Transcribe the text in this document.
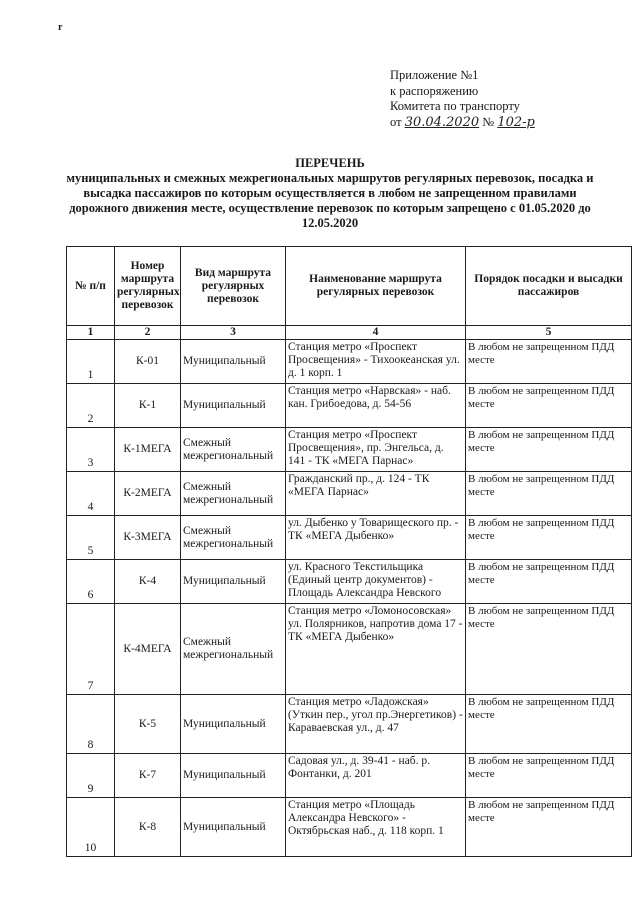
r
Приложение №1
к распоряжению
Комитета по транспорту
от 30.04.2020 № 102-р
ПЕРЕЧЕНЬ
муниципальных и смежных межрегиональных маршрутов регулярных перевозок, посадка и высадка пассажиров по которым осуществляется в любом не запрещенном правилами дорожного движения месте, осуществление перевозок по которым запрещено с 01.05.2020 до 12.05.2020
№ п/п	Номер маршрута регулярных перевозок	Вид маршрута регулярных перевозок	Наименование маршрута регулярных перевозок	Порядок посадки и высадки пассажиров
1	2	3	4	5
1	К-01	Муниципальный	Станция метро «Проспект Просвещения» - Тихоокеанская ул. д. 1 корп. 1	В любом не запрещенном ПДД месте
2	К-1	Муниципальный	Станция метро «Нарвская» - наб. кан. Грибоедова, д. 54-56	В любом не запрещенном ПДД месте
3	К-1МЕГА	Смежный межрегиональный	Станция метро «Проспект Просвещения», пр. Энгельса, д. 141 - ТК «МЕГА Парнас»	В любом не запрещенном ПДД месте
4	К-2МЕГА	Смежный межрегиональный	Гражданский пр., д. 124 - ТК «МЕГА Парнас»	В любом не запрещенном ПДД месте
5	К-3МЕГА	Смежный межрегиональный	ул. Дыбенко у Товарищеского пр. - ТК «МЕГА Дыбенко»	В любом не запрещенном ПДД месте
6	К-4	Муниципальный	ул. Красного Текстильщика (Единый центр документов) - Площадь Александра Невского	В любом не запрещенном ПДД месте
7	К-4МЕГА	Смежный межрегиональный	Станция метро «Ломоносовская» ул. Полярников, напротив дома 17 - ТК «МЕГА Дыбенко»	В любом не запрещенном ПДД месте
8	К-5	Муниципальный	Станция метро «Ладожская» (Уткин пер., угол пр.Энергетиков) - Караваевская ул., д. 47	В любом не запрещенном ПДД месте
9	К-7	Муниципальный	Садовая ул., д. 39-41 - наб. р. Фонтанки, д. 201	В любом не запрещенном ПДД месте
10	К-8	Муниципальный	Станция метро «Площадь Александра Невского» - Октябрьская наб., д. 118 корп. 1	В любом не запрещенном ПДД месте
